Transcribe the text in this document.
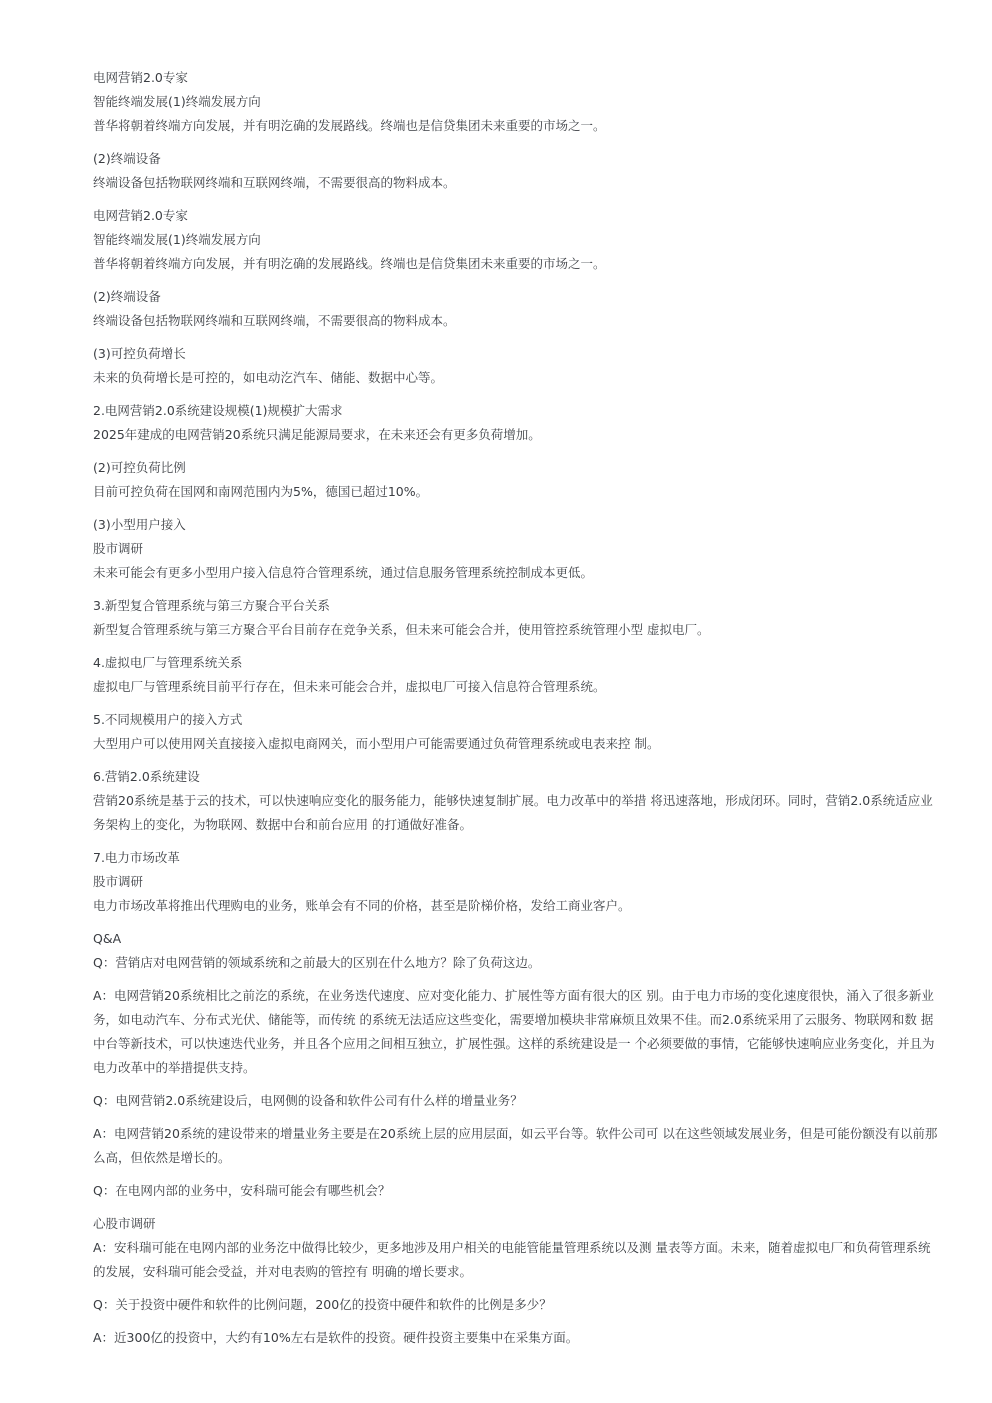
电网营销2.0专家

智能终端发展(1)终端发展方向

普华将朝着终端方向发展，并有明汔确的发展路线。终端也是信贷集团未来重要的市场之一。

(2)终端设备

终端设备包括物联网终端和互联网终端，不需要很高的物料成本。

电网营销2.0专家

智能终端发展(1)终端发展方向

普华将朝着终端方向发展，并有明汔确的发展路线。终端也是信贷集团未来重要的市场之一。

(2)终端设备

终端设备包括物联网终端和互联网终端，不需要很高的物料成本。

(3)可控负荷增长

未来的负荷增长是可控的，如电动汔汽车、储能、数据中心等。

2.电网营销2.0系统建设规模(1)规模扩大需求

2025年建成的电网营销20系统只满足能源局要求，在未来还会有更多负荷增加。

(2)可控负荷比例

目前可控负荷在国网和南网范围内为5%，德国已超过10%。

(3)小型用户接入

股市调研

未来可能会有更多小型用户接入信息符合管理系统，通过信息服务管理系统控制成本更低。

3.新型复合管理系统与第三方聚合平台关系

新型复合管理系统与第三方聚合平台目前存在竞争关系，但未来可能会合并，使用管控系统管理小型 虚拟电厂。

4.虚拟电厂与管理系统关系

虚拟电厂与管理系统目前平行存在，但未来可能会合并，虚拟电厂可接入信息符合管理系统。

5.不同规模用户的接入方式

大型用户可以使用网关直接接入虚拟电商网关，而小型用户可能需要通过负荷管理系统或电表来控 制。

6.营销2.0系统建设

营销20系统是基于云的技术，可以快速响应变化的服务能力，能够快速复制扩展。电力改革中的举措 将迅速落地，形成闭环。同时，营销2.0系统适应业务架构上的变化，为物联网、数据中台和前台应用 的打通做好准备。

7.电力市场改革

股市调研

电力市场改革将推出代理购电的业务，账单会有不同的价格，甚至是阶梯价格，发给工商业客户。

Q&A

Q：营销店对电网营销的领域系统和之前最大的区别在什么地方？除了负荷这边。

A：电网营销20系统相比之前汔的系统，在业务迭代速度、应对变化能力、扩展性等方面有很大的区 别。由于电力市场的变化速度很快，涌入了很多新业务，如电动汽车、分布式光伏、储能等，而传统 的系统无法适应这些变化，需要增加模块非常麻烦且效果不佳。而2.0系统采用了云服务、物联网和数 据中台等新技术，可以快速迭代业务，并且各个应用之间相互独立，扩展性强。这样的系统建设是一 个必须要做的事情，它能够快速响应业务变化，并且为电力改革中的举措提供支持。

Q：电网营销2.0系统建设后，电网侧的设备和软件公司有什么样的增量业务？

A：电网营销20系统的建设带来的增量业务主要是在20系统上层的应用层面，如云平台等。软件公司可 以在这些领域发展业务，但是可能份额没有以前那么高，但依然是增长的。

Q：在电网内部的业务中，安科瑞可能会有哪些机会？

心股市调研

A：安科瑞可能在电网内部的业务汔中做得比较少，更多地涉及用户相关的电能管能量管理系统以及测 量表等方面。未来，随着虚拟电厂和负荷管理系统的发展，安科瑞可能会受益，并对电表购的管控有 明确的增长要求。

Q：关于投资中硬件和软件的比例问题，200亿的投资中硬件和软件的比例是多少？

A：近300亿的投资中，大约有10%左右是软件的投资。硬件投资主要集中在采集方面。
